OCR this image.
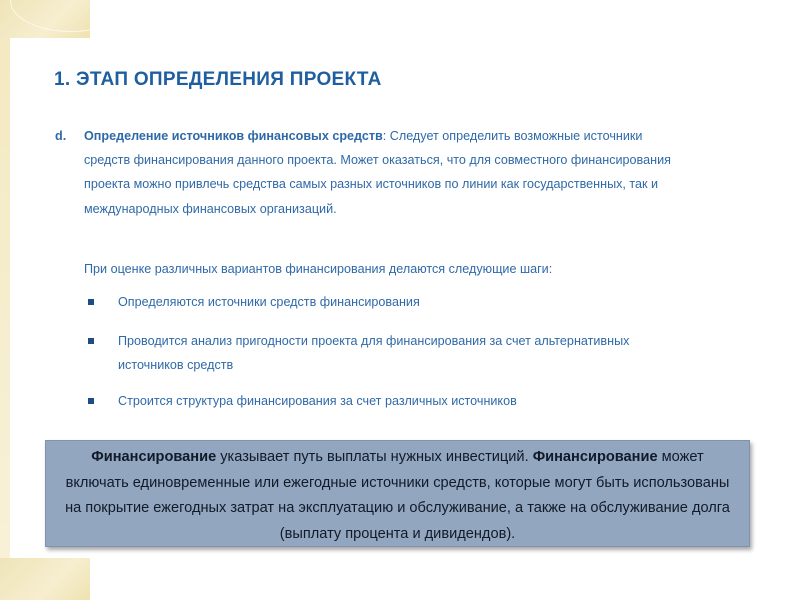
1. ЭТАП ОПРЕДЕЛЕНИЯ ПРОЕКТА
d. Определение источников финансовых средств: Следует определить возможные источники средств финансирования данного проекта. Может оказаться, что для совместного финансирования проекта можно привлечь средства самых разных источников по линии как государственных, так и международных финансовых организаций.
При оценке различных вариантов финансирования делаются следующие шаги:
Определяются источники средств финансирования
Проводится анализ пригодности проекта для финансирования за счет альтернативных источников средств
Строится структура финансирования за счет различных источников
Финансирование указывает путь выплаты нужных инвестиций. Финансирование может включать единовременные или ежегодные источники средств, которые могут быть использованы на покрытие ежегодных затрат на эксплуатацию и обслуживание, а также на обслуживание долга (выплату процента и дивидендов).
